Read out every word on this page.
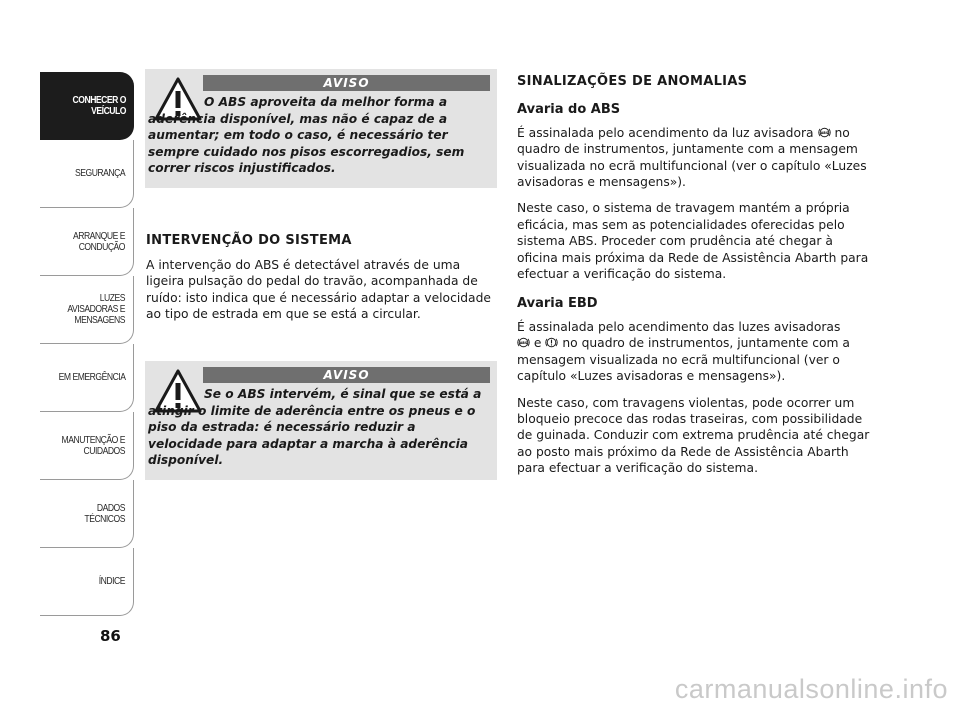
CONHECER O VEÍCULO
SEGURANÇA
ARRANQUE E CONDUÇÃO
LUZES AVISADORAS E MENSAGENS
EM EMERGÊNCIA
MANUTENÇÃO E CUIDADOS
DADOS TÉCNICOS
ÍNDICE
86
AVISO
O ABS aproveita da melhor forma a aderência disponível, mas não é capaz de a aumentar; em todo o caso, é necessário ter sempre cuidado nos pisos escorregadios, sem correr riscos injustificados.
INTERVENÇÃO DO SISTEMA
A intervenção do ABS é detectável através de uma ligeira pulsação do pedal do travão, acompanhada de ruído: isto indica que é necessário adaptar a velocidade ao tipo de estrada em que se está a circular.
AVISO
Se o ABS intervém, é sinal que se está a atingir o limite de aderência entre os pneus e o piso da estrada: é necessário reduzir a velocidade para adaptar a marcha à aderência disponível.
SINALIZAÇÕES DE ANOMALIAS
Avaria do ABS

É assinalada pelo acendimento da luz avisadora ABS no quadro de instrumentos, juntamente com a mensagem visualizada no ecrã multifuncional (ver o capítulo «Luzes avisadoras e mensagens»).

Neste caso, o sistema de travagem mantém a própria eficácia, mas sem as potencialidades oferecidas pelo sistema ABS. Proceder com prudência até chegar à oficina mais próxima da Rede de Assistência Abarth para efectuar a verificação do sistema.

Avaria EBD

É assinalada pelo acendimento das luzes avisadoras

ABS e no quadro de instrumentos, juntamente com a mensagem visualizada no ecrã multifuncional (ver o capítulo «Luzes avisadoras e mensagens»).

Neste caso, com travagens violentas, pode ocorrer um bloqueio precoce das rodas traseiras, com possibilidade de guinada. Conduzir com extrema prudência até chegar ao posto mais próximo da Rede de Assistência Abarth para efectuar a verificação do sistema.

carmanualsonline.info
